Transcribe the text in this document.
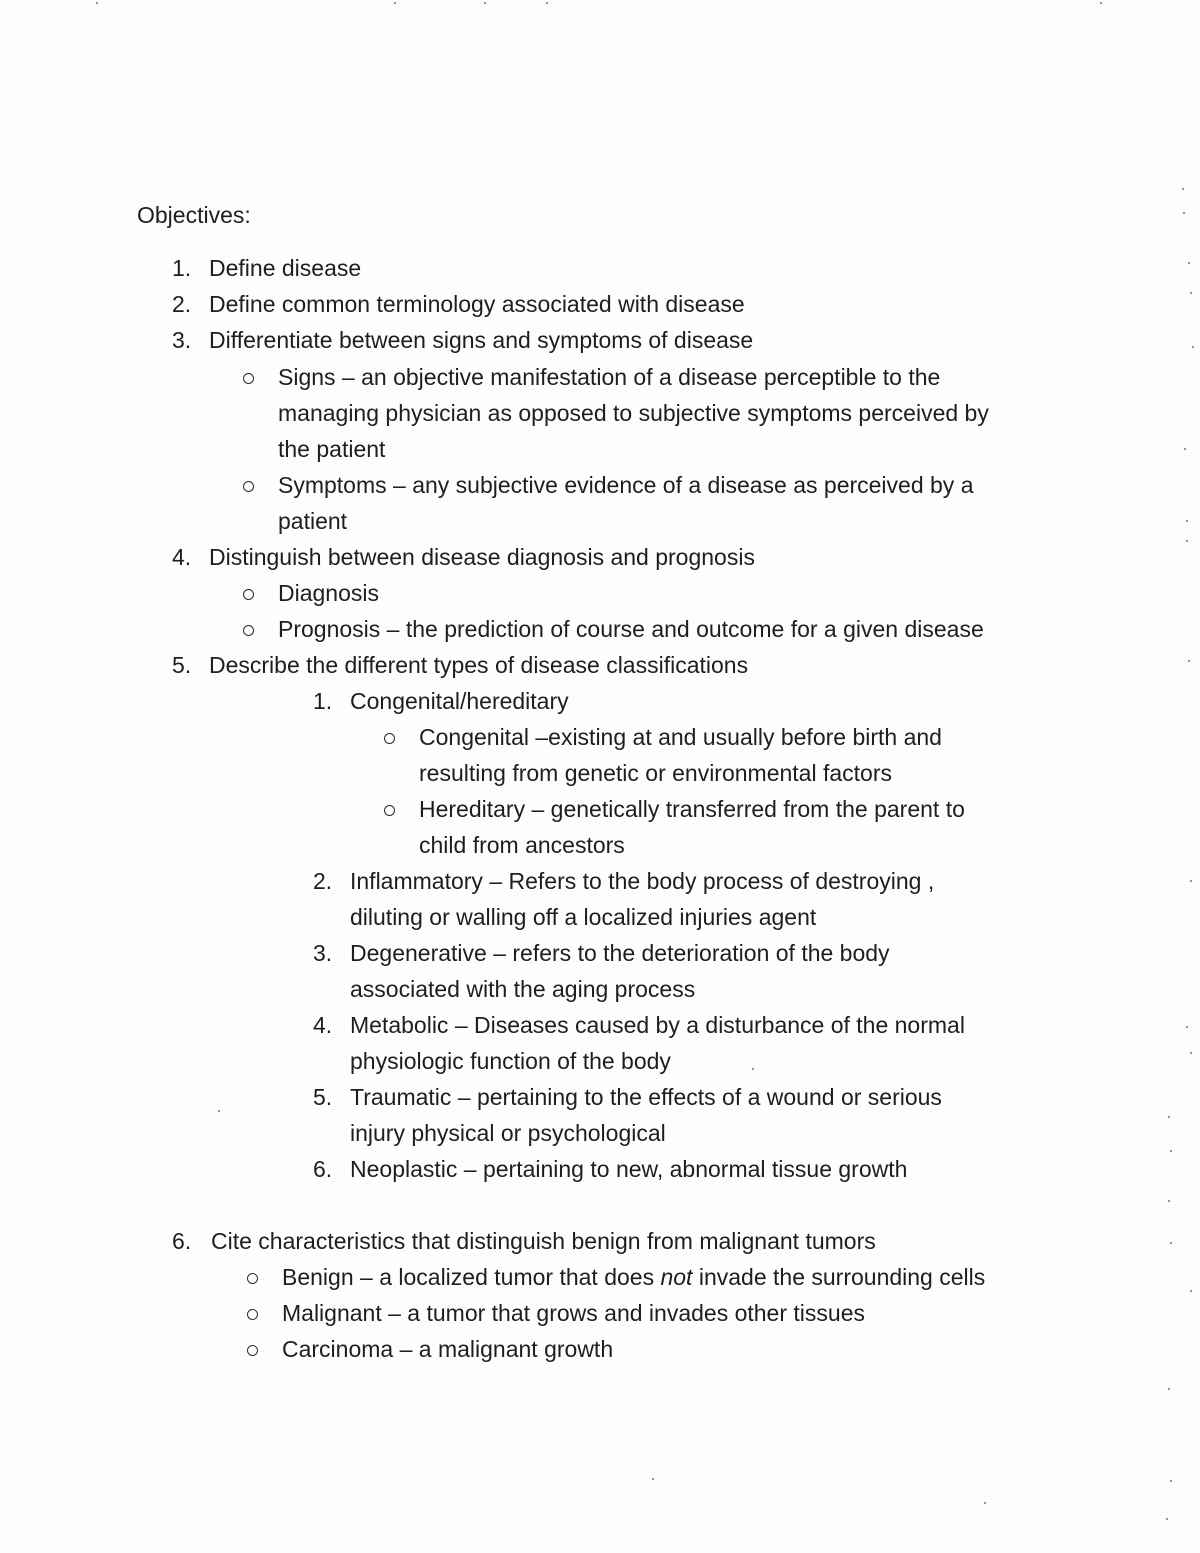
Objectives:
1. Define disease
2. Define common terminology associated with disease
3. Differentiate between signs and symptoms of disease
Signs – an objective manifestation of a disease perceptible to the
managing physician as opposed to subjective symptoms perceived by
the patient
Symptoms – any subjective evidence of a disease as perceived by a
patient
4. Distinguish between disease diagnosis and prognosis
Diagnosis
Prognosis – the prediction of course and outcome for a given disease
5. Describe the different types of disease classifications
1. Congenital/hereditary
Congenital –existing at and usually before birth and
resulting from genetic or environmental factors
Hereditary – genetically transferred from the parent to
child from ancestors
2. Inflammatory – Refers to the body process of destroying ,
diluting or walling off a localized injuries agent
3. Degenerative – refers to the deterioration of the body
associated with the aging process
4. Metabolic – Diseases caused by a disturbance of the normal
physiologic function of the body
5. Traumatic – pertaining to the effects of a wound or serious
injury physical or psychological
6. Neoplastic – pertaining to new, abnormal tissue growth
6. Cite characteristics that distinguish benign from malignant tumors
Benign – a localized tumor that does not invade the surrounding cells
Malignant – a tumor that grows and invades other tissues
Carcinoma – a malignant growth
